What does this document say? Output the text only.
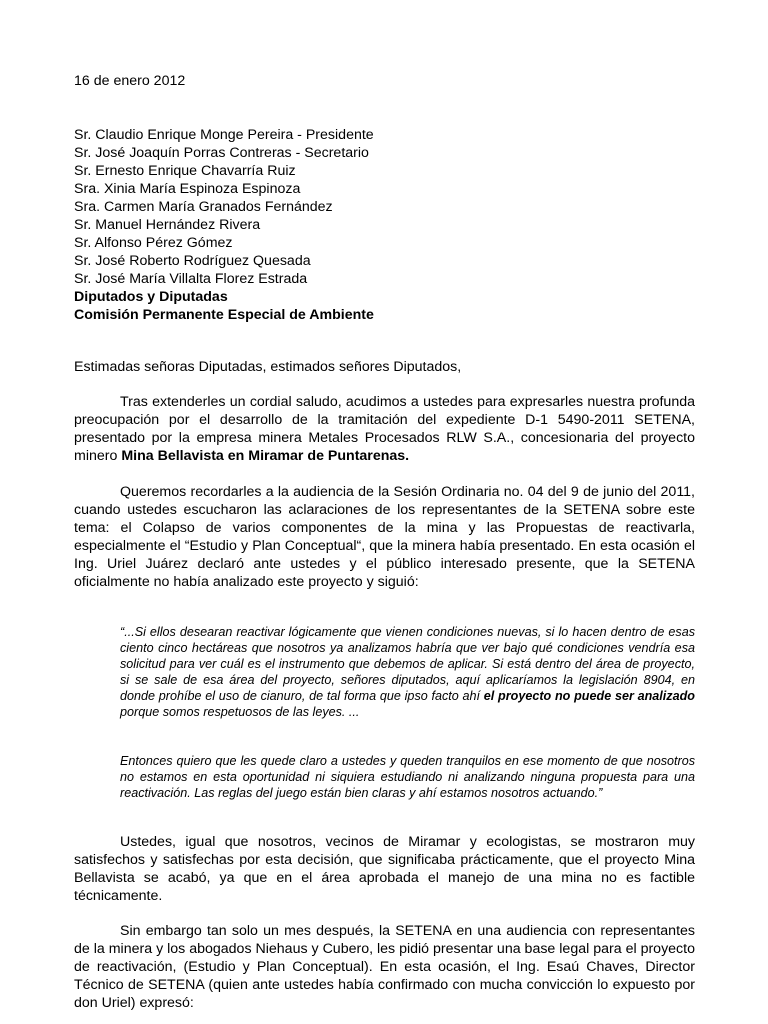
16 de enero 2012
Sr. Claudio Enrique Monge Pereira - Presidente
Sr. José Joaquín Porras Contreras - Secretario
Sr. Ernesto Enrique Chavarría Ruiz
Sra. Xinia María Espinoza Espinoza
Sra. Carmen María Granados Fernández
Sr. Manuel Hernández Rivera
Sr. Alfonso Pérez Gómez
Sr. José Roberto Rodríguez Quesada
Sr. José María Villalta Florez Estrada
Diputados y Diputadas
Comisión Permanente Especial de Ambiente
Estimadas señoras Diputadas, estimados señores Diputados,

Tras extenderles un cordial saludo, acudimos a ustedes para expresarles nuestra profunda preocupación por el desarrollo de la tramitación del expediente D-1 5490-2011 SETENA, presentado por la empresa minera Metales Procesados RLW S.A., concesionaria del proyecto minero Mina Bellavista en Miramar de Puntarenas.

Queremos recordarles a la audiencia de la Sesión Ordinaria no. 04 del 9 de junio del 2011, cuando ustedes escucharon las aclaraciones de los representantes de la SETENA sobre este tema: el Colapso de varios componentes de la mina y las Propuestas de reactivarla, especialmente el “Estudio y Plan Conceptual“, que la minera había presentado. En esta ocasión el Ing. Uriel Juárez declaró ante ustedes y el público interesado presente, que la SETENA oficialmente no había analizado este proyecto y siguió:

“...Si ellos desearan reactivar lógicamente que vienen condiciones nuevas, si lo hacen dentro de esas ciento cinco hectáreas que nosotros ya analizamos habría que ver bajo qué condiciones vendría esa solicitud para ver cuál es el instrumento que debemos de aplicar. Si está dentro del área de proyecto, si se sale de esa área del proyecto, señores diputados, aquí aplicaríamos la legislación 8904, en donde prohíbe el uso de cianuro, de tal forma que ipso facto ahí el proyecto no puede ser analizado porque somos respetuosos de las leyes. ...

Entonces quiero que les quede claro a ustedes y queden tranquilos en ese momento de que nosotros no estamos en esta oportunidad ni siquiera estudiando ni analizando ninguna propuesta para una reactivación. Las reglas del juego están bien claras y ahí estamos nosotros actuando.”

Ustedes, igual que nosotros, vecinos de Miramar y ecologistas, se mostraron muy satisfechos y satisfechas por esta decisión, que significaba prácticamente, que el proyecto Mina Bellavista se acabó, ya que en el área aprobada el manejo de una mina no es factible técnicamente.

Sin embargo tan solo un mes después, la SETENA en una audiencia con representantes de la minera y los abogados Niehaus y Cubero, les pidió presentar una base legal para el proyecto de reactivación, (Estudio y Plan Conceptual). En esta ocasión, el Ing. Esaú Chaves, Director Técnico de SETENA (quien ante ustedes había confirmado con mucha convicción lo expuesto por don Uriel) expresó:
